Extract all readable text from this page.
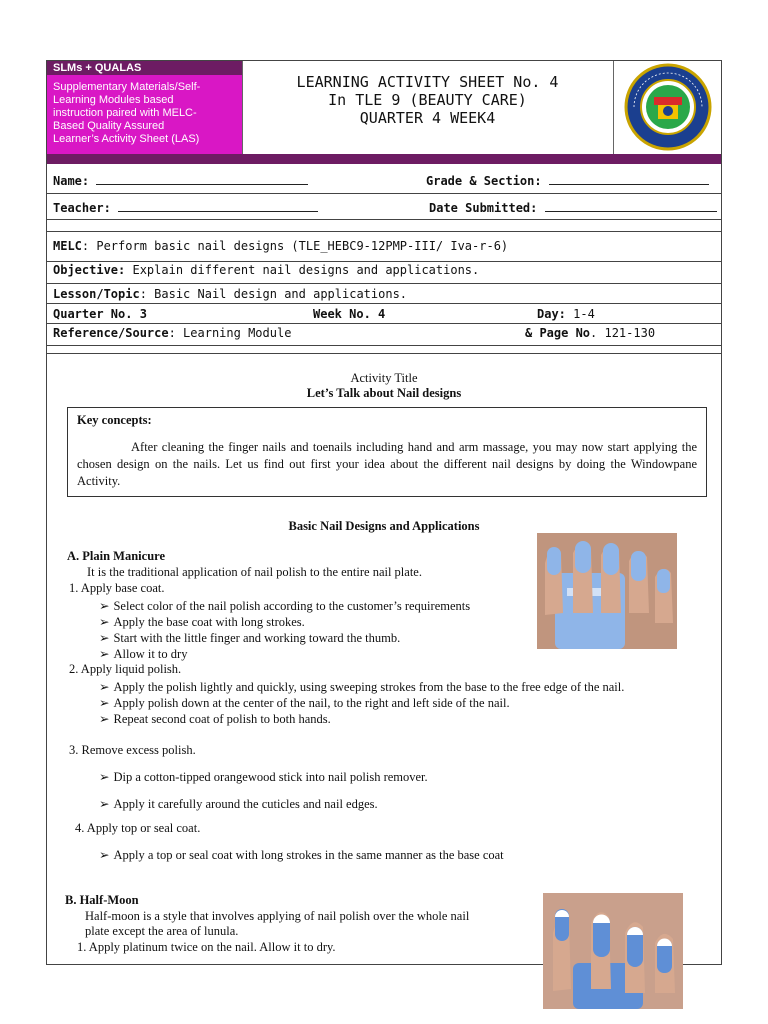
SLMs + QUALAS
Supplementary Materials/Self-
Learning Modules based
instruction paired with MELC-
Based Quality Assured
Learner’s Activity Sheet (LAS)
LEARNING ACTIVITY SHEET No. 4
In TLE 9 (BEAUTY CARE)
QUARTER 4 WEEK4
Name:	Grade & Section:
Teacher:	Date Submitted:
MELC: Perform basic nail designs (TLE_HEBC9-12PMP-III/ Iva-r-6)
Objective: Explain different nail designs and applications.
Lesson/Topic: Basic Nail design and applications.
Quarter No. 3	Week No. 4	Day: 1-4
Reference/Source: Learning Module	& Page No. 121-130
Activity Title
Let’s Talk about Nail designs
Key concepts:

After cleaning the finger nails and toenails including hand and arm massage, you may now start applying the chosen design on the nails. Let us find out first your idea about the different nail designs by doing the Windowpane Activity.

Basic Nail Designs and Applications
A. Plain Manicure
It is the traditional application of nail polish to the entire nail plate.
1. Apply base coat.
➢ Select color of the nail polish according to the customer’s requirements
➢ Apply the base coat with long strokes.
➢ Start with the little finger and working toward the thumb.
➢ Allow it to dry
2. Apply liquid polish.
➢ Apply the polish lightly and quickly, using sweeping strokes from the base to the free edge of the nail.
➢ Apply polish down at the center of the nail, to the right and left side of the nail.
➢ Repeat second coat of polish to both hands.
3. Remove excess polish.
➢ Dip a cotton-tipped orangewood stick into nail polish remover.
➢ Apply it carefully around the cuticles and nail edges.
4. Apply top or seal coat.
➢ Apply a top or seal coat with long strokes in the same manner as the base coat
B. Half-Moon
Half-moon is a style that involves applying of nail polish over the whole nail
plate except the area of lunula.
1. Apply platinum twice on the nail. Allow it to dry.
